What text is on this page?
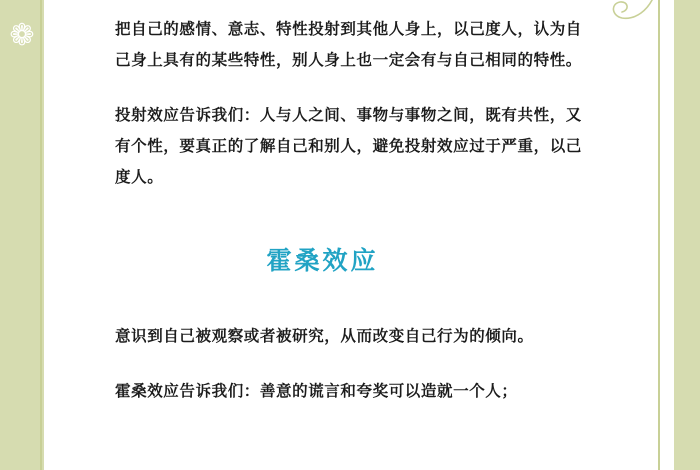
❁	把自己的感情、意志、特性投射到其他人身上，以己度人，认为自己身上具有的某些特性，别人身上也一定会有与自己相同的特性。

投射效应告诉我们：人与人之间、事物与事物之间，既有共性，又有个性，要真正的了解自己和别人，避免投射效应过于严重，以己度人。

霍桑效应

意识到自己被观察或者被研究，从而改变自己行为的倾向。

霍桑效应告诉我们：善意的谎言和夸奖可以造就一个人；
